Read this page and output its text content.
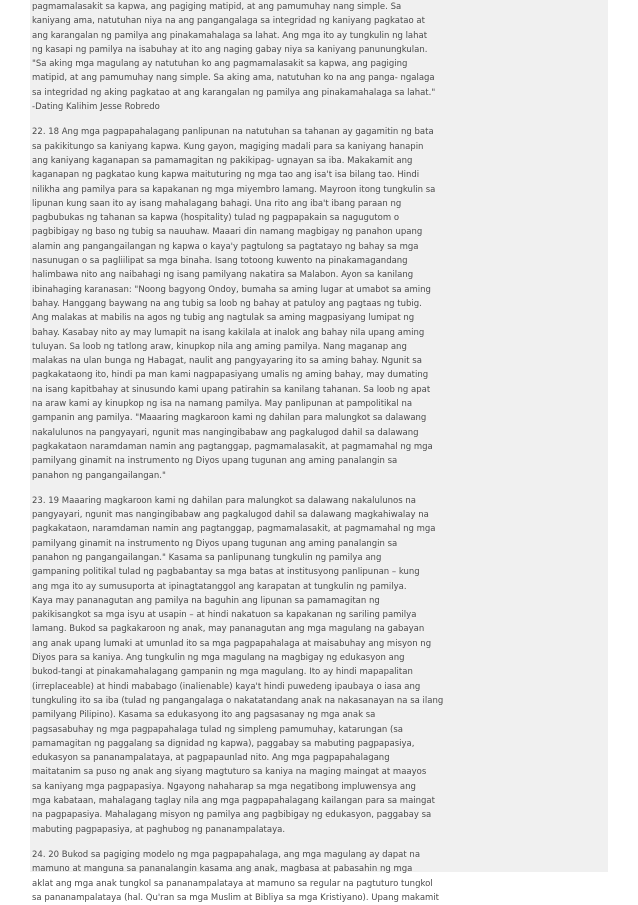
pagmamalasakit sa kapwa, ang pagiging matipid, at ang pamumuhay nang simple. Sa
kaniyang ama, natutuhan niya na ang pangangalaga sa integridad ng kaniyang pagkatao at
ang karangalan ng pamilya ang pinakamahalaga sa lahat. Ang mga ito ay tungkulin ng lahat
ng kasapi ng pamilya na isabuhay at ito ang naging gabay niya sa kaniyang panunungkulan.
"Sa aking mga magulang ay natutuhan ko ang pagmamalasakit sa kapwa, ang pagiging
matipid, at ang pamumuhay nang simple. Sa aking ama, natutuhan ko na ang panga- ngalaga
sa integridad ng aking pagkatao at ang karangalan ng pamilya ang pinakamahalaga sa lahat."
-Dating Kalihim Jesse Robredo
22. 18 Ang mga pagpapahalagang panlipunan na natutuhan sa tahanan ay gagamitin ng bata
sa pakikitungo sa kaniyang kapwa. Kung gayon, magiging madali para sa kaniyang hanapin
ang kaniyang kaganapan sa pamamagitan ng pakikipag- ugnayan sa iba. Makakamit ang
kaganapan ng pagkatao kung kapwa maituturing ng mga tao ang isa't isa bilang tao. Hindi
nilikha ang pamilya para sa kapakanan ng mga miyembro lamang. Mayroon itong tungkulin sa
lipunan kung saan ito ay isang mahalagang bahagi. Una rito ang iba't ibang paraan ng
pagbubukas ng tahanan sa kapwa (hospitality) tulad ng pagpapakain sa nagugutom o
pagbibigay ng baso ng tubig sa nauuhaw. Maaari din namang magbigay ng panahon upang
alamin ang pangangailangan ng kapwa o kaya'y pagtulong sa pagtatayo ng bahay sa mga
nasunugan o sa pagliilipat sa mga binaha. Isang totoong kuwento na pinakamagandang
halimbawa nito ang naibahagi ng isang pamilyang nakatira sa Malabon. Ayon sa kanilang
ibinahaging karanasan: "Noong bagyong Ondoy, bumaha sa aming lugar at umabot sa aming
bahay. Hanggang baywang na ang tubig sa loob ng bahay at patuloy ang pagtaas ng tubig.
Ang malakas at mabilis na agos ng tubig ang nagtulak sa aming magpasiyang lumipat ng
bahay. Kasabay nito ay may lumapit na isang kakilala at inalok ang bahay nila upang aming
tuluyan. Sa loob ng tatlong araw, kinupkop nila ang aming pamilya. Nang maganap ang
malakas na ulan bunga ng Habagat, naulit ang pangyayaring ito sa aming bahay. Ngunit sa
pagkakataong ito, hindi pa man kami nagpapasiyang umalis ng aming bahay, may dumating
na isang kapitbahay at sinusundo kami upang patirahin sa kanilang tahanan. Sa loob ng apat
na araw kami ay kinupkop ng isa na namang pamilya. May panlipunan at pampolitikal na
gampanin ang pamilya. "Maaaring magkaroon kami ng dahilan para malungkot sa dalawang
nakalulunos na pangyayari, ngunit mas nangingibabaw ang pagkalugod dahil sa dalawang
pagkakataon naramdaman namin ang pagtanggap, pagmamalasakit, at pagmamahal ng mga
pamilyang ginamit na instrumento ng Diyos upang tugunan ang aming panalangin sa
panahon ng pangangailangan."
23. 19 Maaaring magkaroon kami ng dahilan para malungkot sa dalawang nakalulunos na
pangyayari, ngunit mas nangingibabaw ang pagkalugod dahil sa dalawang magkahiwalay na
pagkakataon, naramdaman namin ang pagtanggap, pagmamalasakit, at pagmamahal ng mga
pamilyang ginamit na instrumento ng Diyos upang tugunan ang aming panalangin sa
panahon ng pangangailangan." Kasama sa panlipunang tungkulin ng pamilya ang
gampaning politikal tulad ng pagbabantay sa mga batas at institusyong panlipunan – kung
ang mga ito ay sumusuporta at ipinagtatanggol ang karapatan at tungkulin ng pamilya.
Kaya may pananagutan ang pamilya na baguhin ang lipunan sa pamamagitan ng
pakikisangkot sa mga isyu at usapin – at hindi nakatuon sa kapakanan ng sariling pamilya
lamang. Bukod sa pagkakaroon ng anak, may pananagutan ang mga magulang na gabayan
ang anak upang lumaki at umunlad ito sa mga pagpapahalaga at maisabuhay ang misyon ng
Diyos para sa kaniya. Ang tungkulin ng mga magulang na magbigay ng edukasyon ang
bukod-tangi at pinakamahalagang gampanin ng mga magulang. Ito ay hindi mapapalitan
(irreplaceable) at hindi mababago (inalienable) kaya't hindi puwedeng ipaubaya o iasa ang
tungkuling ito sa iba (tulad ng pangangalaga o nakatatandang anak na nakasanayan na sa ilang
pamilyang Pilipino). Kasama sa edukasyong ito ang pagsasanay ng mga anak sa
pagsasabuhay ng mga pagpapahalaga tulad ng simpleng pamumuhay, katarungan (sa
pamamagitan ng paggalang sa dignidad ng kapwa), paggabay sa mabuting pagpapasiya,
edukasyon sa pananampalataya, at pagpapaunlad nito. Ang mga pagpapahalagang
maitatanim sa puso ng anak ang siyang magtuturo sa kaniya na maging maingat at maayos
sa kaniyang mga pagpapasiya. Ngayong nahaharap sa mga negatibong impluwensya ang
mga kabataan, mahalagang taglay nila ang mga pagpapahalagang kailangan para sa maingat
na pagpapasiya. Mahalagang misyon ng pamilya ang pagbibigay ng edukasyon, paggabay sa
mabuting pagpapasiya, at paghubog ng pananampalataya.
24. 20 Bukod sa pagiging modelo ng mga pagpapahalaga, ang mga magulang ay dapat na
mamuno at manguna sa pananalangin kasama ang anak, magbasa at pabasahin ng mga
aklat ang mga anak tungkol sa pananampalataya at mamuno sa regular na pagtuturo tungkol
sa pananampalataya (hal. Qu'ran sa mga Muslim at Bibliya sa mga Kristiyano). Upang makamit
